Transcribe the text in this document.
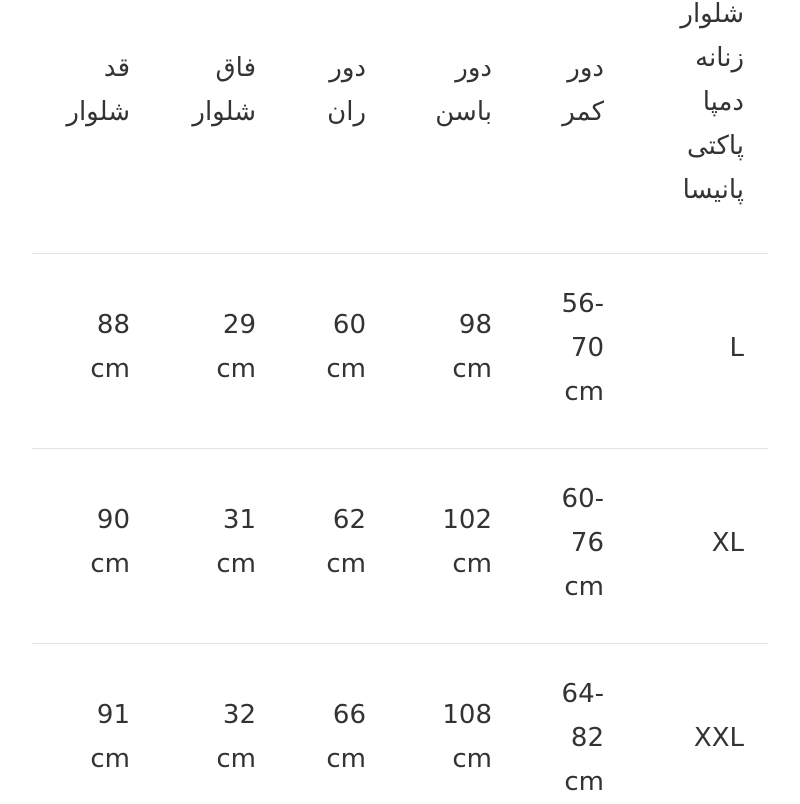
شلوار
زنانه
دمپا
پاکتی
پانیسا
دور
کمر
دور
باسن
دور
ران
فاق
شلوار
قد
شلوار
L
56-
70
cm
98
cm
60
cm
29
cm
88
cm
XL
60-
76
cm
102
cm
62
cm
31
cm
90
cm
XXL
64-
82
cm
108
cm
66
cm
32
cm
91
cm
